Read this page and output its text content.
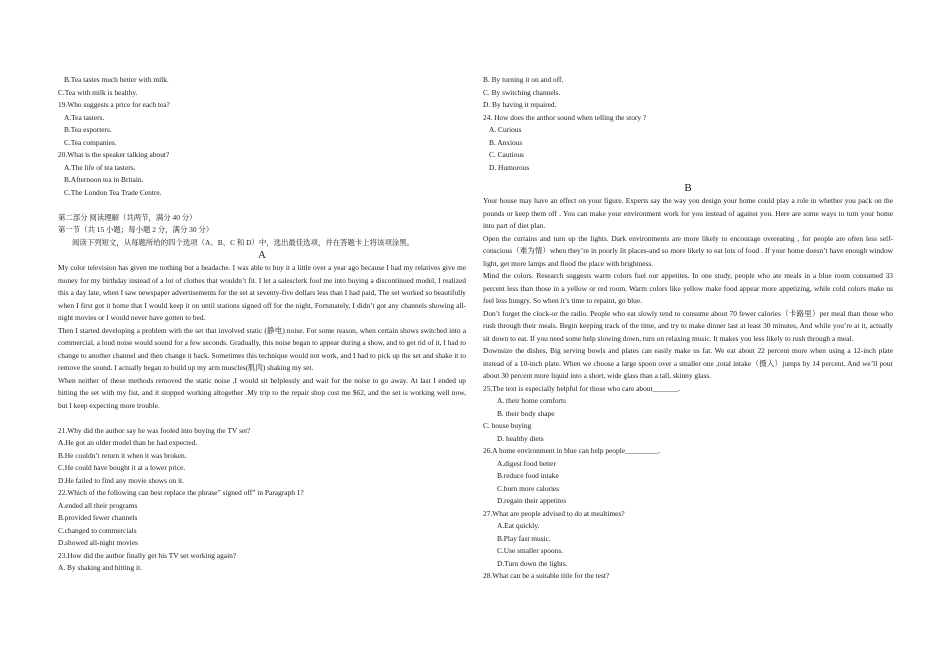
B.Tea tastes much better with milk.
C.Tea with milk is healthy.
19.Who suggests a price for each tea?
A.Tea tasters.
B.Tea esporters.
C.Tea companies.
20.What is the speaker talking about?
A.The life of tea tasters.
B.Afternoon tea in Britain.
C.The London Tea Trade Centre.
第二部分 阅读理解（共两节，满分 40 分）
第一节（共 15 小题；每小题 2 分，满分 30 分）
阅读下列短文，从每题所给的四个选项（A、B、C 和 D）中，选出最佳选项，并在答题卡上将该项涂黑。
A
My color television has given me nothing but a headache. I was able to buy it a little over a year ago because I had my relatives give me money for my birthday instead of a lot of clothes that wouldn’t fit. I let a salesclerk fool me into buying a discontinued model, I realized this a day late, when I saw newspaper advertisements for the set at seventy-five dollars less than I had paid, The set worked so beautifully when I first got it home that I would keep it on until stations signed off for the night, Fortunately, I didn’t got any channels showing all-night movies or I would never have gotten to bed.
Then I started developing a problem with the set that involved static (静电) noise. For some reason, when certain shows switched into a commercial, a loud noise would sound for a few seconds. Gradually, this noise began to appear during a show, and to get rid of it, I had to change to another channel and then change it back. Sometimes this technique would not work, and I had to pick up the set and shake it to remove the sound. I actually began to build up my arm muscles(肌肉) shaking my set.
When neither of these methods removed the static noise ,I would sit helplessly and wait for the noise to go away. At last I ended up hitting the set with my fist, and it stopped working altogether .My trip to the repair shop cost me $62, and the set is working well now, but I keep expecting more trouble.
21.Why did the author say he was fooled into buying the TV set?
A.He got an older model than he had expected.
B.He couldn’t return it when it was broken.
C.He could have bought it at a lower price.
D.He failed to find any movie shows on it.
22.Which of the following can best replace the phrase” signed off” in Paragraph 1?
A.ended all their programs
B.provided fewer channels
C.changed to commercials
D.showed all-night movies
23.How did the author finally get his TV set working again?
A. By shaking and hitting it.
B. By turning it on and off.
C. By switching channels.
D. By having it repaired.
24. How does the anthor sound when telling the story ?
A. Curious
B. Anxious
C. Cautious
D. Humorous
B
Your house may have an effect on your figure. Experts say the way you design your home could play a role in whether you pack on the pounds or keep them off . You can make your environment work for you instead of against you. Here are some ways to turn your home into part of diet plan.
Open the curtains and turn up the lights. Dark environments are more likely to encourage overeating , for people are often less self-conscious（难为情）when they’re in poorly lit places-and so more likely to eat lots of food . If your home doesn’t have enough window light, get more lamps and flood the place with brightness.
Mind the colors. Research suggests warm colors fuel our appetites. In one study, people who ate meals in a blue room consumed 33 percent less than those in a yellow or red room. Warm colors like yellow make food appear more appetizing, while cold colors make us feel less hungry. So when it’s time to repaint, go blue.
Don’t forget the clock-or the radio. People who eat slowly tend to consume about 70 fewer calories（卡路里）per meal than those who rush through their meals. Begin keeping track of the time, and try to make dinner last at least 30 minutes, And while you’re at it, actually sit down to eat. If you need some help slowing down, turn on relaxing music. It makes you less likely to rush through a meal.
Downsize the dishes, Big serving bowls and plates can easily make us fat. We eat about 22 percent more when using a 12-inch plate instead of a 10-inch plate. When we choose a large spoon over a smaller one ,total intake（摄入）jumps by 14 percent. And we’ll pour about 30 percent more liquid into a short, wide glass than a tall, skinny glass.
25.The text is especially helpful for those who care about_______.
A. their home comforts
B. their body shape
C. house buying
D. healthy diets
26.A home environment in blue can help people_________.
A.digest food better
B.reduce food intake
C.burn more calories
D.regain their appetites
27.What are people advised to do at mealtimes?
A.Eat quickly.
B.Play fast music.
C.Use smaller spoons.
D.Turn down the lights.
28.What can be a suitable title for the test?
